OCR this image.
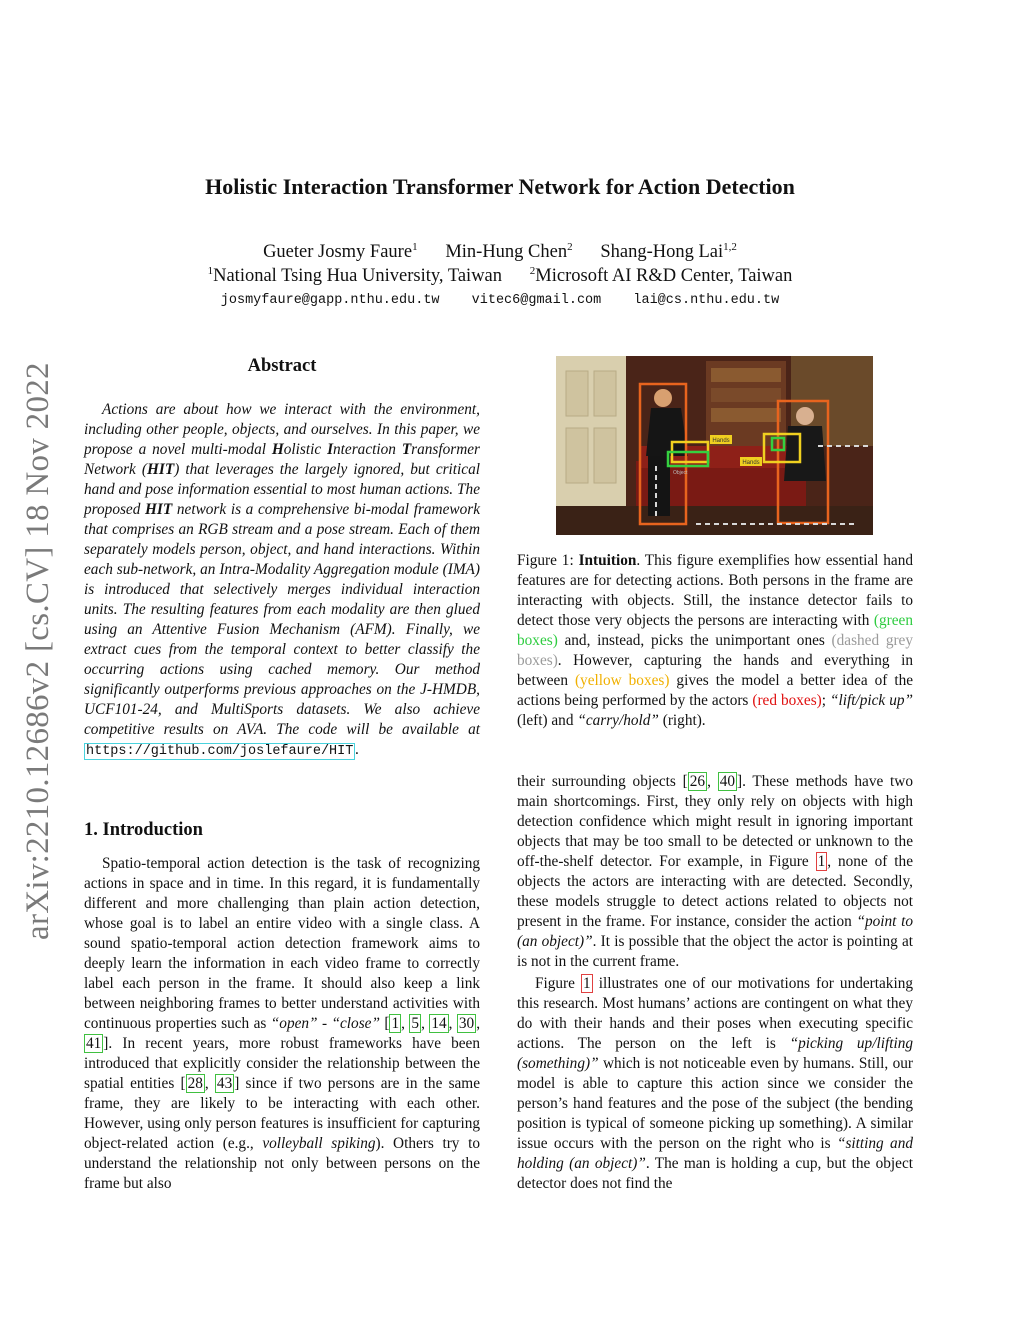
arXiv:2210.12686v2 [cs.CV] 18 Nov 2022
Holistic Interaction Transformer Network for Action Detection
Gueter Josmy Faure$^1$ Min-Hung Chen$^2$ Shang-Hong Lai$^{1,2}$
$^1$National Tsing Hua University, Taiwan	$^2$Microsoft AI R&D Center, Taiwan
josmyfaure@gapp.nthu.edu.tw vitec6@gmail.com lai@cs.nthu.edu.tw
Abstract
Actions are about how we interact with the environment, including other people, objects, and ourselves. In this paper, we propose a novel multi-modal Holistic Interaction Transformer Network (HIT) that leverages the largely ignored, but critical hand and pose information essential to most human actions. The proposed HIT network is a comprehensive bi-modal framework that comprises an RGB stream and a pose stream. Each of them separately models person, object, and hand interactions. Within each sub-network, an Intra-Modality Aggregation module (IMA) is introduced that selectively merges individual interaction units. The resulting features from each modality are then glued using an Attentive Fusion Mechanism (AFM). Finally, we extract cues from the temporal context to better classify the occurring actions using cached memory. Our method significantly outperforms previous approaches on the J-HMDB, UCF101-24, and MultiSports datasets. We also achieve competitive results on AVA. The code will be available at https://github.com/joslefaure/HIT .
1. Introduction
Spatio-temporal action detection is the task of recognizing actions in space and in time. In this regard, it is fundamentally different and more challenging than plain action detection, whose goal is to label an entire video with a single class. A sound spatio-temporal action detection framework aims to deeply learn the information in each video frame to correctly label each person in the frame. It should also keep a link between neighboring frames to better understand activities with continuous properties such as “open” - “close” [ 1 , 5 , 14 , 30 , 41 ]. In recent years, more robust frameworks have been introduced that explicitly consider the relationship between the spatial entities [ 28 , 43 ] since if two persons are in the same frame, they are likely to be interacting with each other. However, using only person features is insufficient for capturing object-related action (e.g., volleyball spiking). Others try to understand the relationship not only between persons on the frame but also
Hands
Hands
Object
Figure 1: Intuition. This figure exemplifies how essential hand features are for detecting actions. Both persons in the frame are interacting with objects. Still, the instance detector fails to detect those very objects the persons are interacting with (green boxes) and, instead, picks the unimportant ones (dashed grey boxes). However, capturing the hands and everything in between (yellow boxes) gives the model a better idea of the actions being performed by the actors (red boxes); “lift/pick up” (left) and “carry/hold” (right).
their surrounding objects [ 26 , 40 ]. These methods have two main shortcomings. First, they only rely on objects with high detection confidence which might result in ignoring important objects that may be too small to be detected or unknown to the off-the-shelf detector. For example, in Figure 1 , none of the objects the actors are interacting with are detected. Secondly, these models struggle to detect actions related to objects not present in the frame. For instance, consider the action “point to (an object)”. It is possible that the object the actor is pointing at is not in the current frame.
Figure 1 illustrates one of our motivations for undertaking this research. Most humans’ actions are contingent on what they do with their hands and their poses when executing specific actions. The person on the left is “picking up/lifting (something)” which is not noticeable even by humans. Still, our model is able to capture this action since we consider the person’s hand features and the pose of the subject (the bending position is typical of someone picking up something). A similar issue occurs with the person on the right who is “sitting and holding (an object)”. The man is holding a cup, but the object detector does not find the
